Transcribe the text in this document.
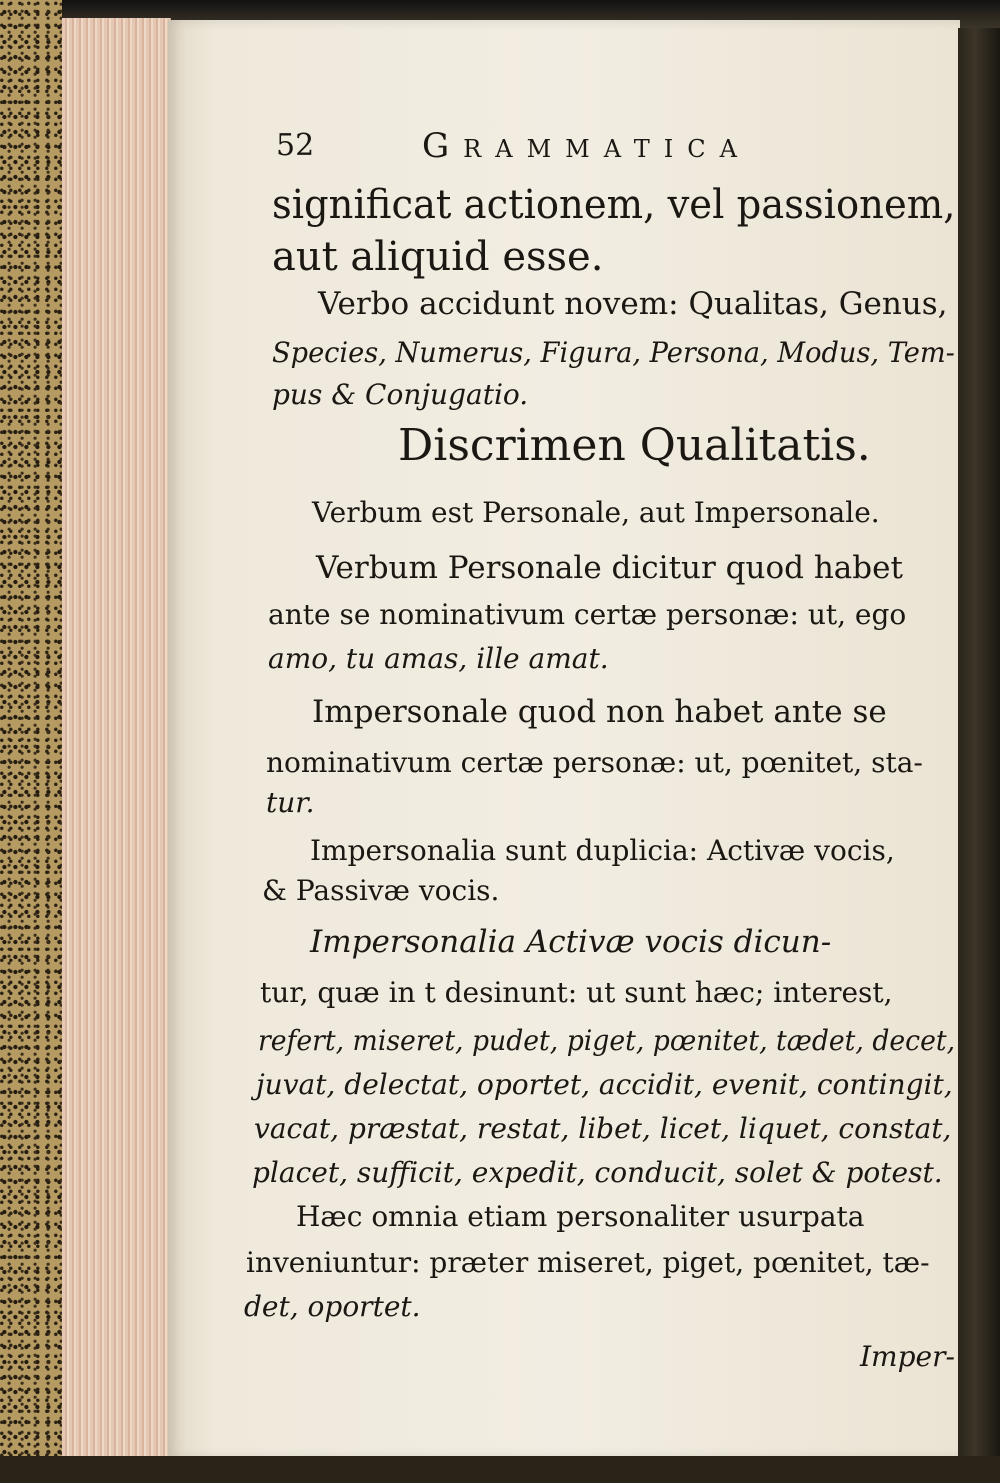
52	Grammatica
significat actionem, vel passionem,
aut aliquid esse.
Verbo accidunt novem: Qualitas, Genus,
Species, Numerus, Figura, Persona, Modus, Tem-
pus & Conjugatio.
Discrimen Qualitatis.
Verbum est Personale, aut Impersonale.
Verbum Personale dicitur quod habet
ante se nominativum certæ personæ: ut, ego
amo, tu amas, ille amat.
Impersonale quod non habet ante se
nominativum certæ personæ: ut, pœnitet, sta-
tur.
Impersonalia sunt duplicia: Activæ vocis,
& Passivæ vocis.
Impersonalia Activæ vocis dicun-
tur, quæ in t desinunt: ut sunt hæc; interest,
refert, miseret, pudet, piget, pœnitet, tædet, decet,
juvat, delectat, oportet, accidit, evenit, contingit,
vacat, præstat, restat, libet, licet, liquet, constat,
placet, sufficit, expedit, conducit, solet & potest.
Hæc omnia etiam personaliter usurpata
inveniuntur: præter miseret, piget, pœnitet, tæ-
det, oportet.
Imper-
